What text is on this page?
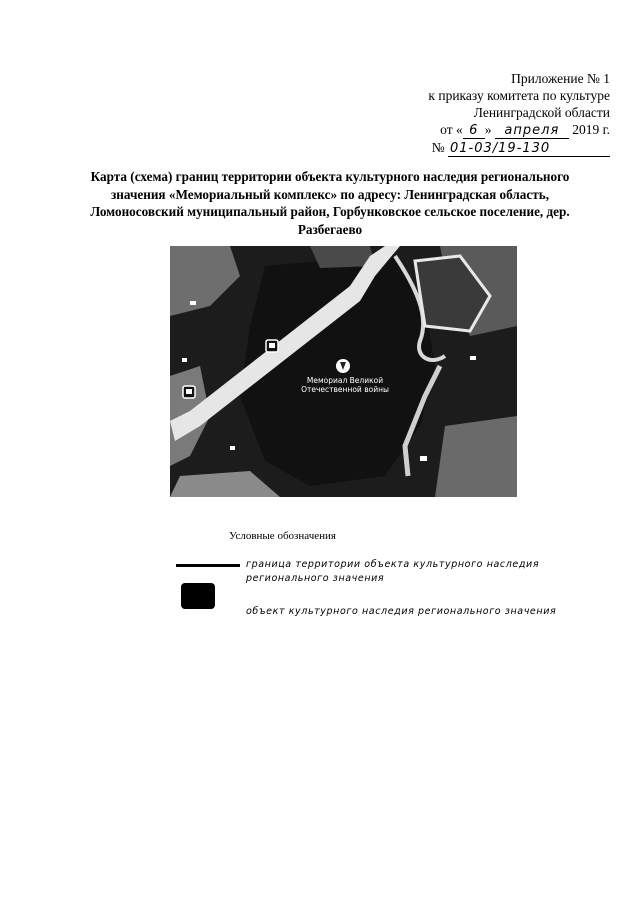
Приложение № 1
к приказу комитета по культуре
Ленинградской области
от « 6 » апреля 2019 г.
№ 01-03/19-130
Карта (схема) границ территории объекта культурного наследия регионального значения «Мемориальный комплекс» по адресу: Ленинградская область, Ломоносовский муниципальный район, Горбунковское сельское поселение, дер. Разбегаево
Мемориал Великой
Отечественной войны
Условные обозначения
граница территории объекта культурного наследия
регионального значения
объект культурного наследия регионального значения
